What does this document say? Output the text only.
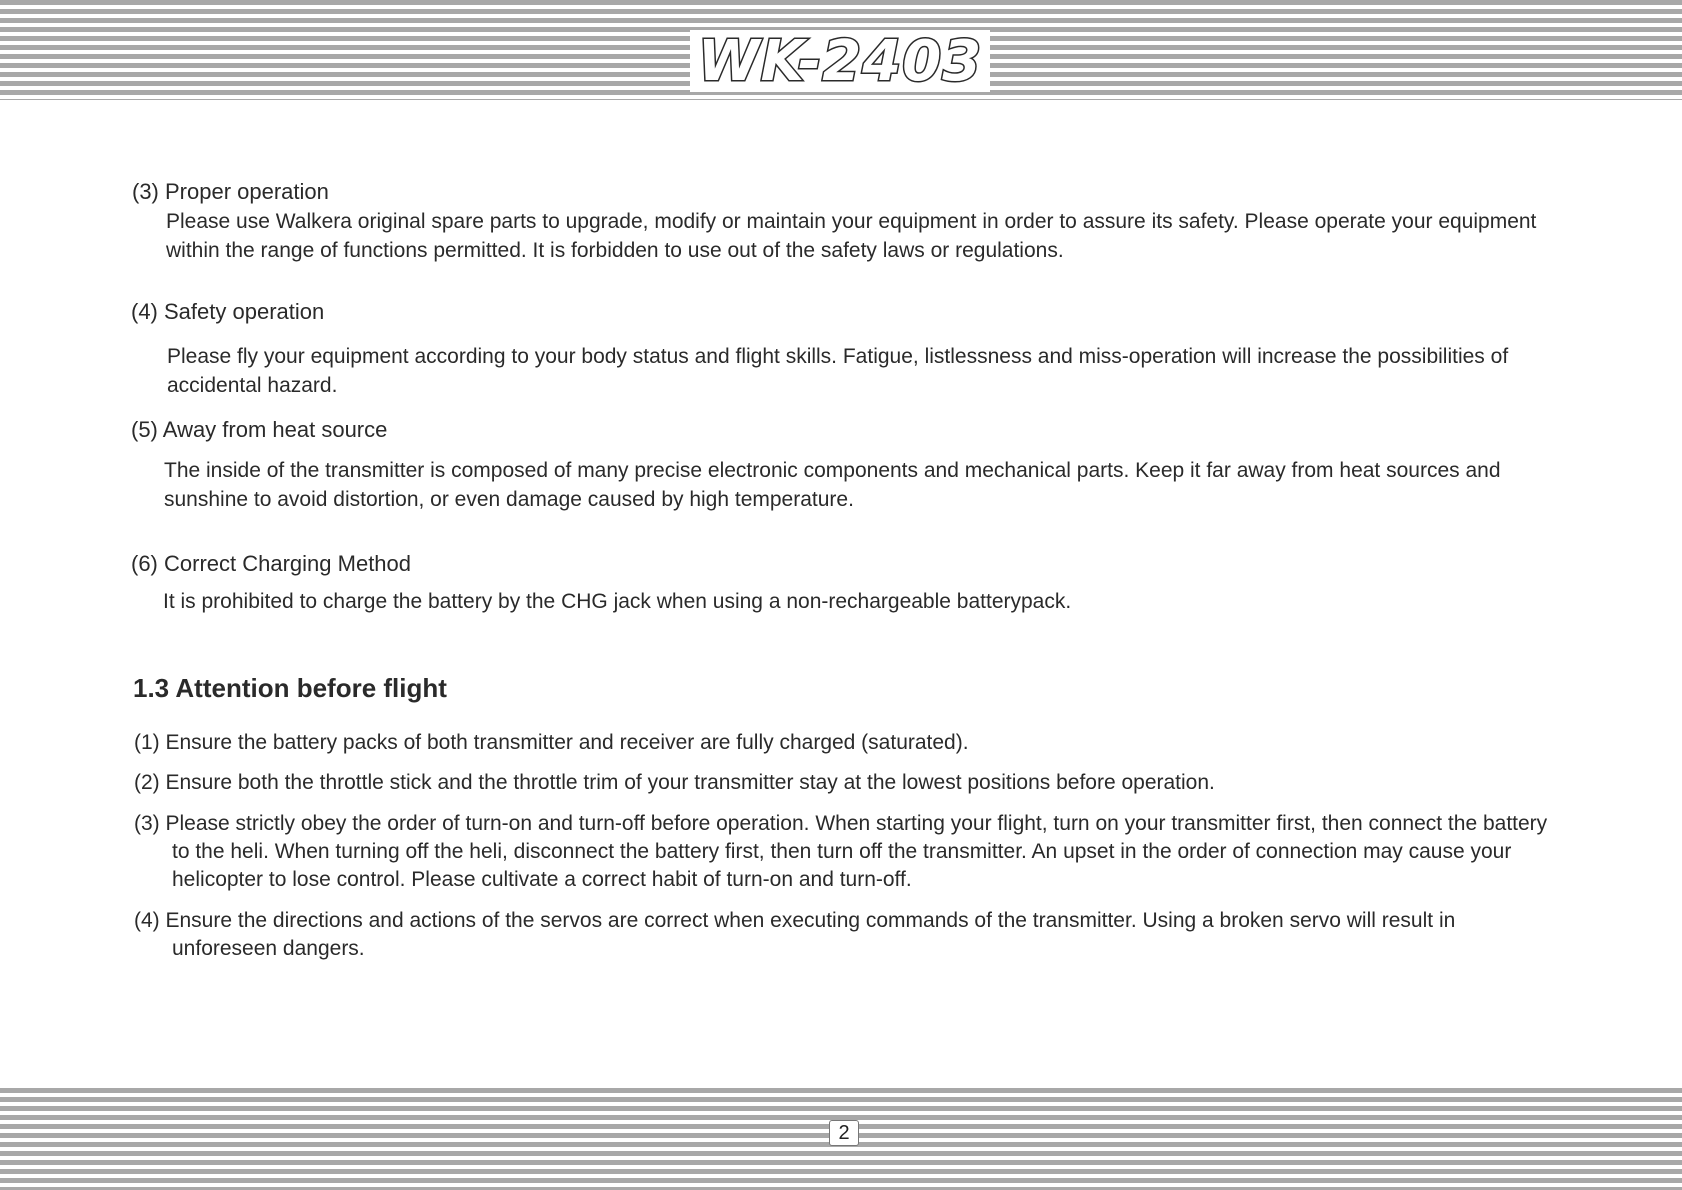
WK-2403
(3) Proper operation
Please use Walkera original spare parts to upgrade, modify or maintain your equipment in order to assure its safety. Please operate your equipment within the range of functions permitted. It is forbidden to use out of the safety laws or regulations.
(4) Safety operation
Please fly your equipment according to your body status and flight skills. Fatigue, listlessness and miss-operation will increase the possibilities of accidental hazard.
(5) Away from heat source
The inside of the transmitter is composed of many precise electronic components and mechanical parts. Keep it far away from heat sources and sunshine to avoid distortion, or even damage caused by high temperature.
(6) Correct Charging Method
It is prohibited to charge the battery by the CHG jack when using a non-rechargeable batterypack.
1.3 Attention before flight
(1) Ensure the battery packs of both transmitter and receiver are fully charged (saturated).
(2) Ensure both the throttle stick and the throttle trim of your transmitter stay at the lowest positions before operation.
(3) Please strictly obey the order of turn-on and turn-off before operation. When starting your flight, turn on your transmitter first, then connect the battery to the heli. When turning off the heli, disconnect the battery first, then turn off the transmitter. An upset in the order of connection may cause your helicopter to lose control. Please cultivate a correct habit of turn-on and turn-off.
(4) Ensure the directions and actions of the servos are correct when executing commands of the transmitter. Using a broken servo will result in unforeseen dangers.
2
